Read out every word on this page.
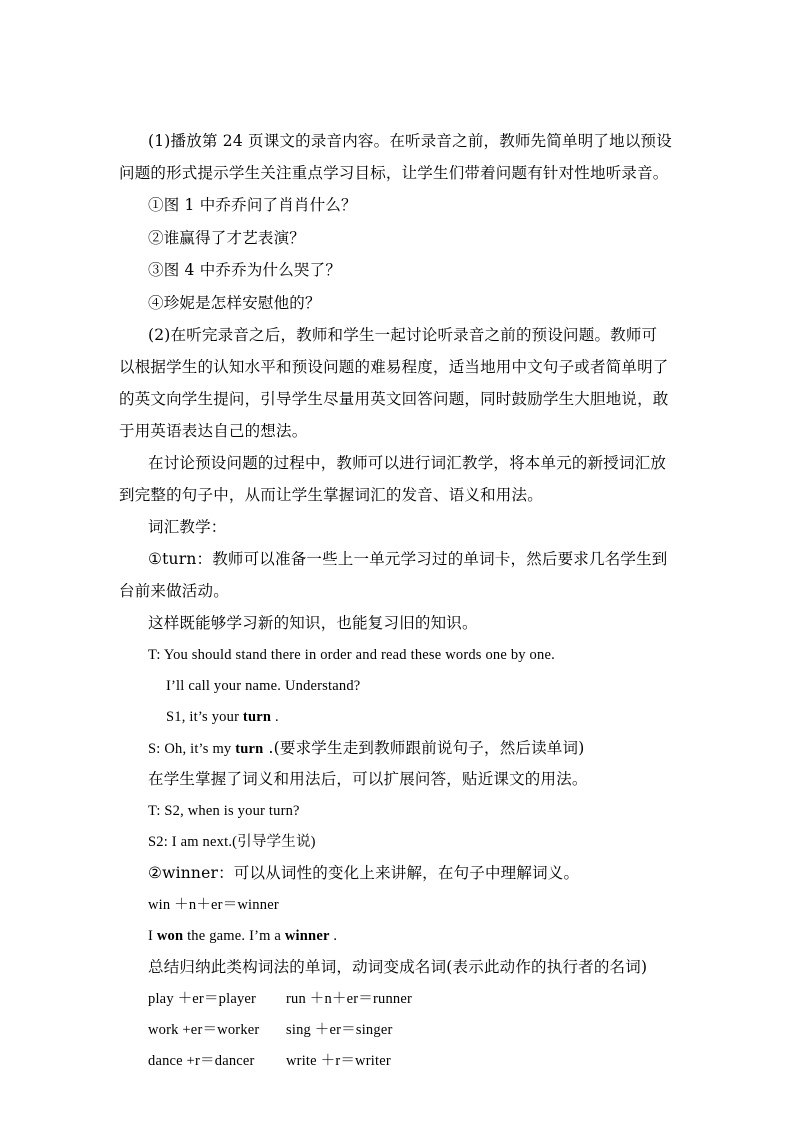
(1)播放第 24 页课文的录音内容。在听录音之前，教师先简单明了地以预设
问题的形式提示学生关注重点学习目标，让学生们带着问题有针对性地听录音。
①图 1 中乔乔问了肖肖什么？
②谁赢得了才艺表演？
③图 4 中乔乔为什么哭了？
④珍妮是怎样安慰他的？
(2)在听完录音之后，教师和学生一起讨论听录音之前的预设问题。教师可
以根据学生的认知水平和预设问题的难易程度，适当地用中文句子或者简单明了
的英文向学生提问，引导学生尽量用英文回答问题，同时鼓励学生大胆地说，敢
于用英语表达自己的想法。
在讨论预设问题的过程中，教师可以进行词汇教学，将本单元的新授词汇放
到完整的句子中，从而让学生掌握词汇的发音、语义和用法。
词汇教学：
①turn：教师可以准备一些上一单元学习过的单词卡，然后要求几名学生到
台前来做活动。
这样既能够学习新的知识，也能复习旧的知识。
T: You should stand there in order and read these words one by one.
I’ll call your name. Understand?
S1, it’s your turn .
S: Oh, it’s my turn .(要求学生走到教师跟前说句子，然后读单词)
在学生掌握了词义和用法后，可以扩展问答，贴近课文的用法。
T: S2, when is your turn?
S2: I am next.(引导学生说)
②winner：可以从词性的变化上来讲解，在句子中理解词义。
win ＋n＋er＝winner
I won the game. I’m a winner .
总结归纳此类构词法的单词，动词变成名词(表示此动作的执行者的名词)
play ＋er＝player run ＋n＋er＝runner
work +er＝worker sing ＋er＝singer
dance +r＝dancer write ＋r＝writer
